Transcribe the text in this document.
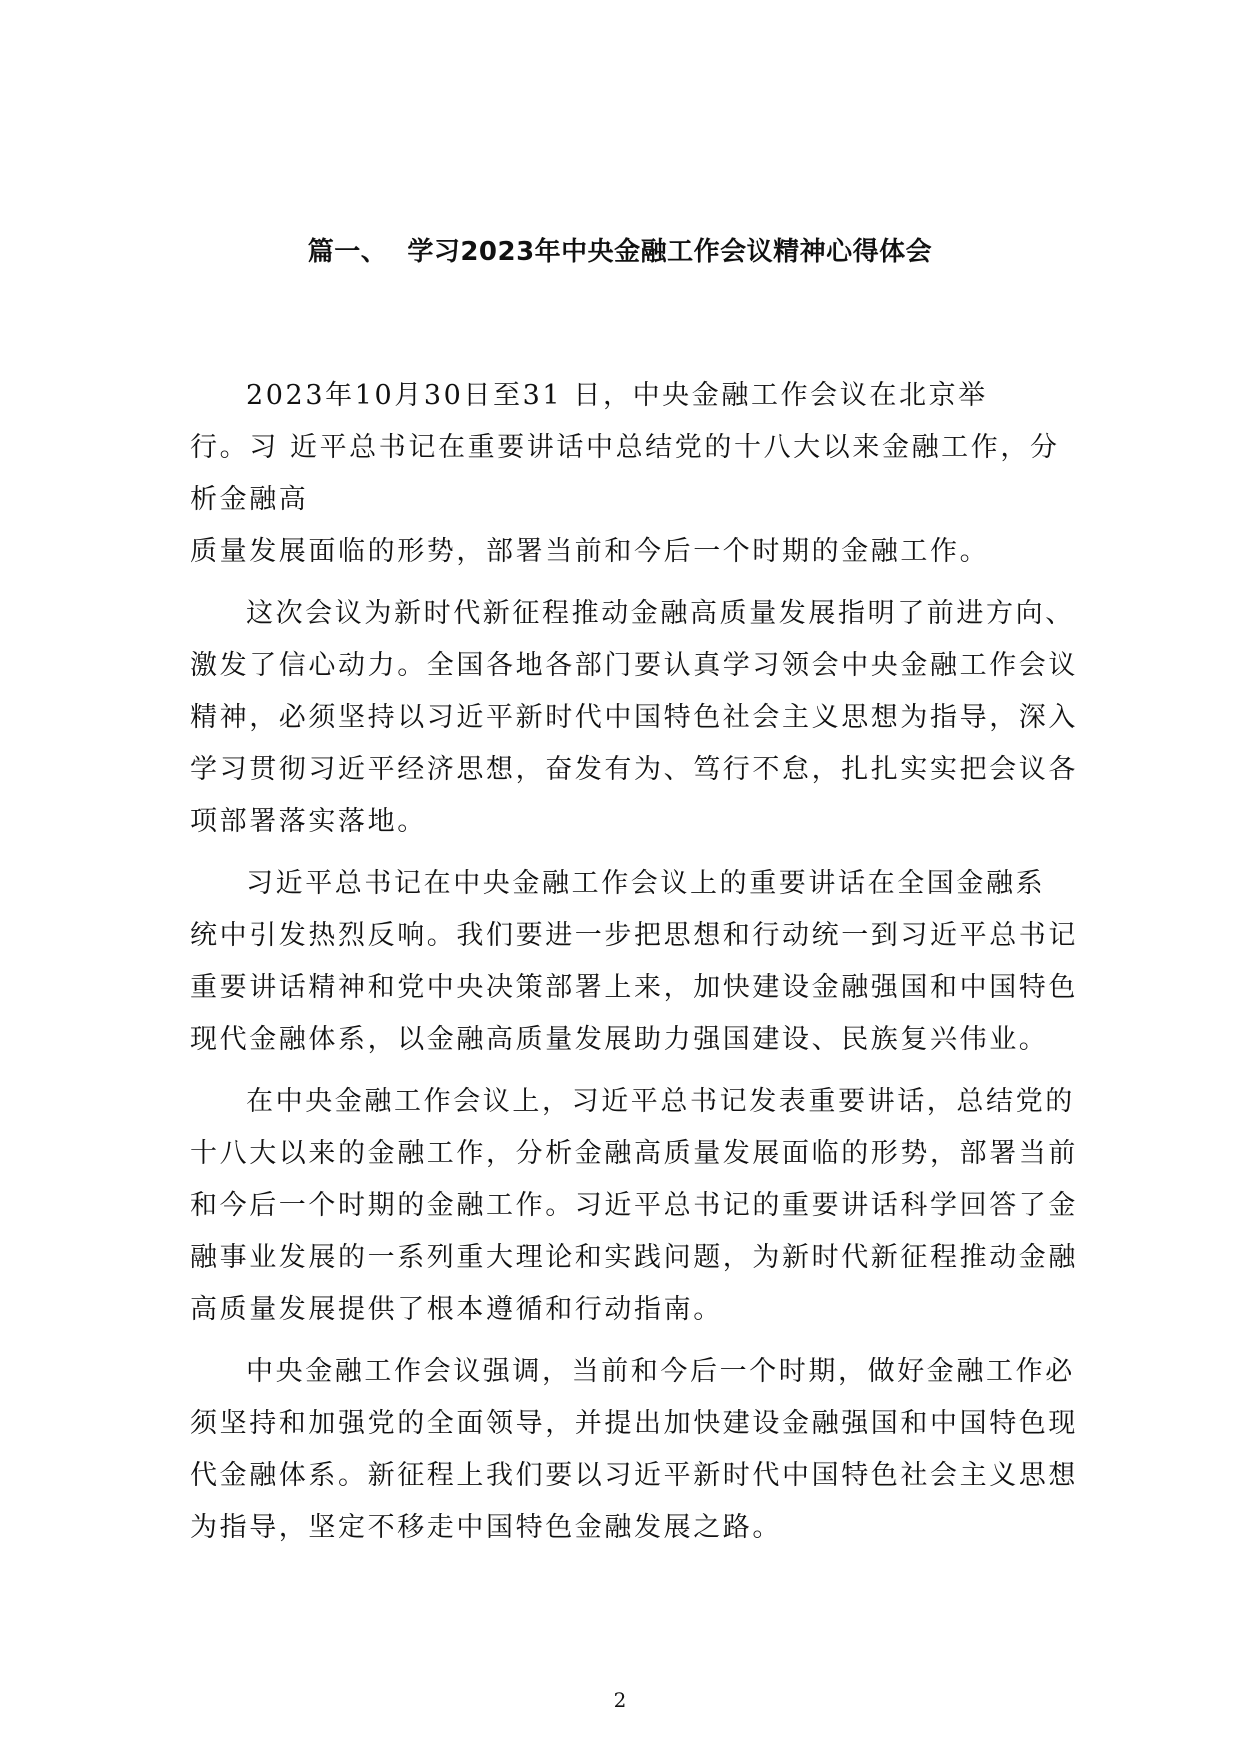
篇一、 学习2023年中央金融工作会议精神心得体会
2023年10月30日至31 日，中央金融工作会议在北京举
行。习 近平总书记在重要讲话中总结党的十八大以来金融工作，分
析金融高
质量发展面临的形势，部署当前和今后一个时期的金融工作。
这次会议为新时代新征程推动金融高质量发展指明了前进方向、
激发了信心动力。全国各地各部门要认真学习领会中央金融工作会议
精神，必须坚持以习近平新时代中国特色社会主义思想为指导，深入
学习贯彻习近平经济思想，奋发有为、笃行不怠，扎扎实实把会议各
项部署落实落地。
习近平总书记在中央金融工作会议上的重要讲话在全国金融系
统中引发热烈反响。我们要进一步把思想和行动统一到习近平总书记
重要讲话精神和党中央决策部署上来，加快建设金融强国和中国特色
现代金融体系，以金融高质量发展助力强国建设、民族复兴伟业。
在中央金融工作会议上，习近平总书记发表重要讲话，总结党的
十八大以来的金融工作，分析金融高质量发展面临的形势，部署当前
和今后一个时期的金融工作。习近平总书记的重要讲话科学回答了金
融事业发展的一系列重大理论和实践问题，为新时代新征程推动金融
高质量发展提供了根本遵循和行动指南。
中央金融工作会议强调，当前和今后一个时期，做好金融工作必
须坚持和加强党的全面领导，并提出加快建设金融强国和中国特色现
代金融体系。新征程上我们要以习近平新时代中国特色社会主义思想
为指导，坚定不移走中国特色金融发展之路。
2
